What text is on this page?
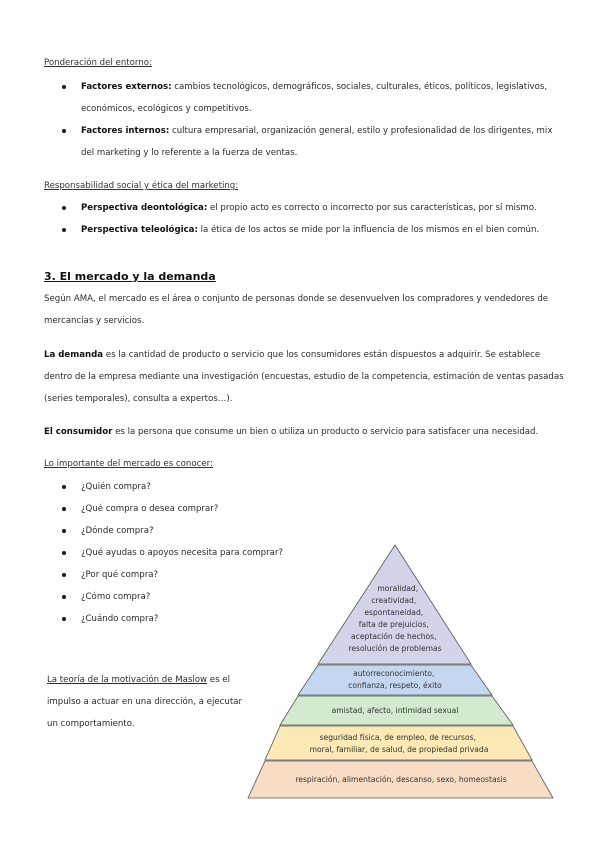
Ponderación del entorno:
Factores externos: cambios tecnológicos, demográficos, sociales, culturales, éticos, políticos, legislativos, económicos, ecológicos y competitivos.
Factores internos: cultura empresarial, organización general, estilo y profesionalidad de los dirigentes, mix del marketing y lo referente a la fuerza de ventas.
Responsabilidad social y ética del marketing:
Perspectiva deontológica: el propio acto es correcto o incorrecto por sus características, por sí mismo.
Perspectiva teleológica: la ética de los actos se mide por la influencia de los mismos en el bien común.
3. El mercado y la demanda
Según AMA, el mercado es el área o conjunto de personas donde se desenvuelven los compradores y vendedores de mercancías y servicios.
La demanda es la cantidad de producto o servicio que los consumidores están dispuestos a adquirir. Se establece dentro de la empresa mediante una investigación (encuestas, estudio de la competencia, estimación de ventas pasadas (series temporales), consulta a expertos…).
El consumidor es la persona que consume un bien o utiliza un producto o servicio para satisfacer una necesidad.
Lo importante del mercado es conocer:
¿Quién compra?
¿Qué compra o desea comprar?
¿Dónde compra?
¿Qué ayudas o apoyos necesita para comprar?
¿Por qué compra?
¿Cómo compra?
¿Cuándo compra?
La teoría de la motivación de Maslow es el impulso a actuar en una dirección, a ejecutar un comportamiento.
moralidad, creatividad, espontaneidad, falta de prejuicios, aceptación de hechos, resolución de problemas
autorreconocimiento, confianza, respeto, éxito
amistad, afecto, intimidad sexual
seguridad física, de empleo, de recursos, moral, familiar, de salud, de propiedad privada
respiración, alimentación, descanso, sexo, homeostasis
